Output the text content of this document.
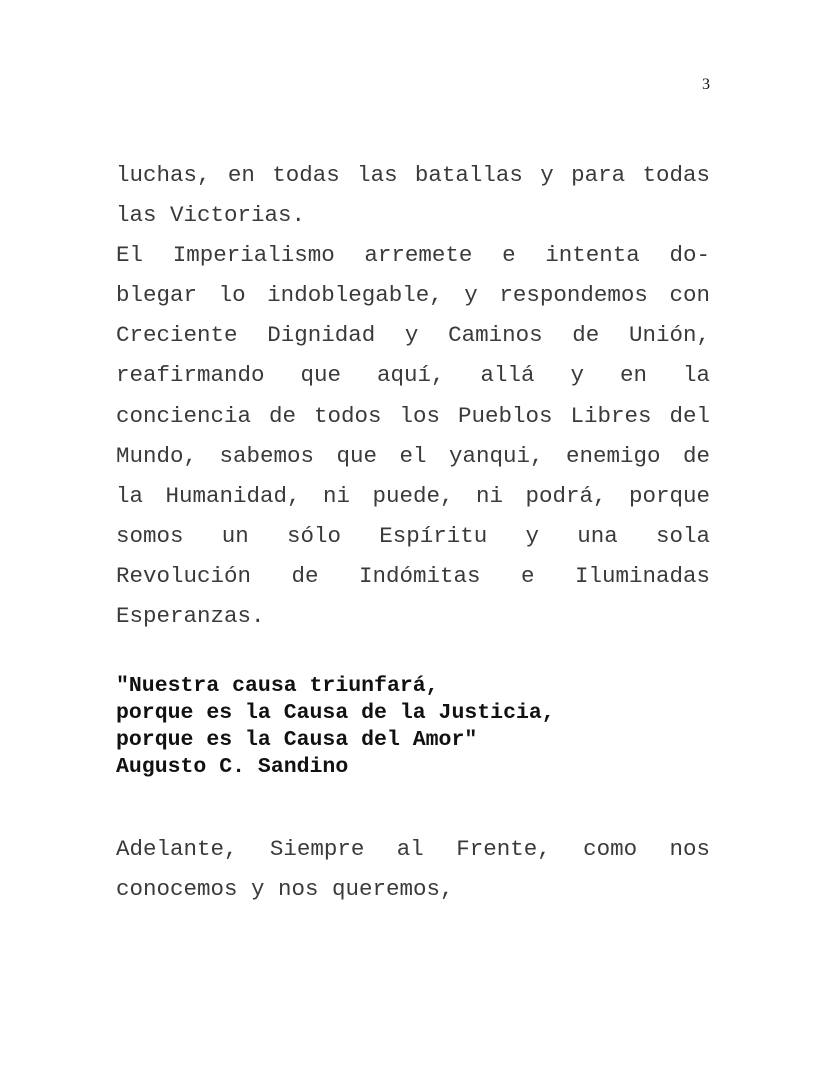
3
luchas, en todas las batallas y para todas
las Victorias.
El Imperialismo arremete e intenta do-
blegar lo indoblegable, y respondemos con
Creciente Dignidad y Caminos de Unión,
reafirmando que aquí, allá y en la
conciencia de todos los Pueblos Libres del
Mundo, sabemos que el yanqui, enemigo de
la Humanidad, ni puede, ni podrá, porque
somos un sólo Espíritu y una sola
Revolución de Indómitas e Iluminadas
Esperanzas.
"Nuestra causa triunfará,
porque es la Causa de la Justicia,
porque es la Causa del Amor"
Augusto C. Sandino
Adelante, Siempre al Frente, como nos
conocemos y nos queremos,
